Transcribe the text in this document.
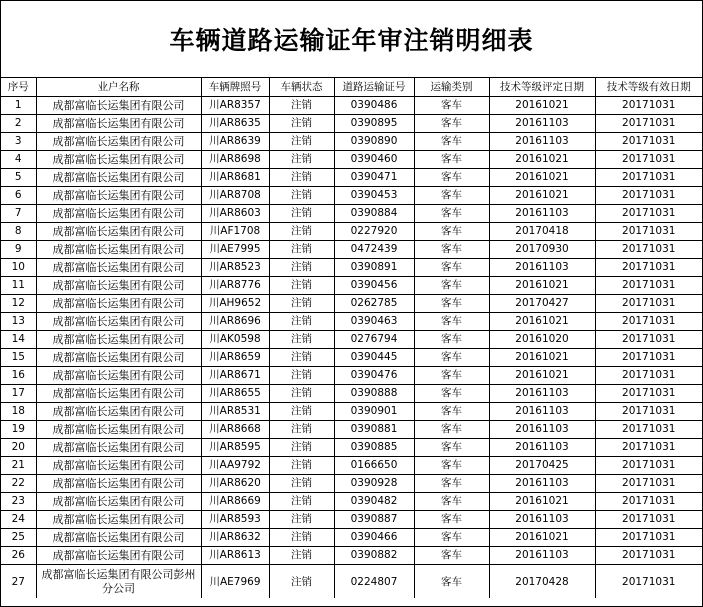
车辆道路运输证年审注销明细表
序号	业户名称	车辆牌照号	车辆状态	道路运输证号	运输类别	技术等级评定日期	技术等级有效日期
1	成都富临长运集团有限公司	川AR8357	注销	0390486	客车	20161021	20171031
2	成都富临长运集团有限公司	川AR8635	注销	0390895	客车	20161103	20171031
3	成都富临长运集团有限公司	川AR8639	注销	0390890	客车	20161103	20171031
4	成都富临长运集团有限公司	川AR8698	注销	0390460	客车	20161021	20171031
5	成都富临长运集团有限公司	川AR8681	注销	0390471	客车	20161021	20171031
6	成都富临长运集团有限公司	川AR8708	注销	0390453	客车	20161021	20171031
7	成都富临长运集团有限公司	川AR8603	注销	0390884	客车	20161103	20171031
8	成都富临长运集团有限公司	川AF1708	注销	0227920	客车	20170418	20171031
9	成都富临长运集团有限公司	川AE7995	注销	0472439	客车	20170930	20171031
10	成都富临长运集团有限公司	川AR8523	注销	0390891	客车	20161103	20171031
11	成都富临长运集团有限公司	川AR8776	注销	0390456	客车	20161021	20171031
12	成都富临长运集团有限公司	川AH9652	注销	0262785	客车	20170427	20171031
13	成都富临长运集团有限公司	川AR8696	注销	0390463	客车	20161021	20171031
14	成都富临长运集团有限公司	川AK0598	注销	0276794	客车	20161020	20171031
15	成都富临长运集团有限公司	川AR8659	注销	0390445	客车	20161021	20171031
16	成都富临长运集团有限公司	川AR8671	注销	0390476	客车	20161021	20171031
17	成都富临长运集团有限公司	川AR8655	注销	0390888	客车	20161103	20171031
18	成都富临长运集团有限公司	川AR8531	注销	0390901	客车	20161103	20171031
19	成都富临长运集团有限公司	川AR8668	注销	0390881	客车	20161103	20171031
20	成都富临长运集团有限公司	川AR8595	注销	0390885	客车	20161103	20171031
21	成都富临长运集团有限公司	川AA9792	注销	0166650	客车	20170425	20171031
22	成都富临长运集团有限公司	川AR8620	注销	0390928	客车	20161103	20171031
23	成都富临长运集团有限公司	川AR8669	注销	0390482	客车	20161021	20171031
24	成都富临长运集团有限公司	川AR8593	注销	0390887	客车	20161103	20171031
25	成都富临长运集团有限公司	川AR8632	注销	0390466	客车	20161021	20171031
26	成都富临长运集团有限公司	川AR8613	注销	0390882	客车	20161103	20171031
27	成都富临长运集团有限公司彭州分公司	川AE7969	注销	0224807	客车	20170428	20171031
